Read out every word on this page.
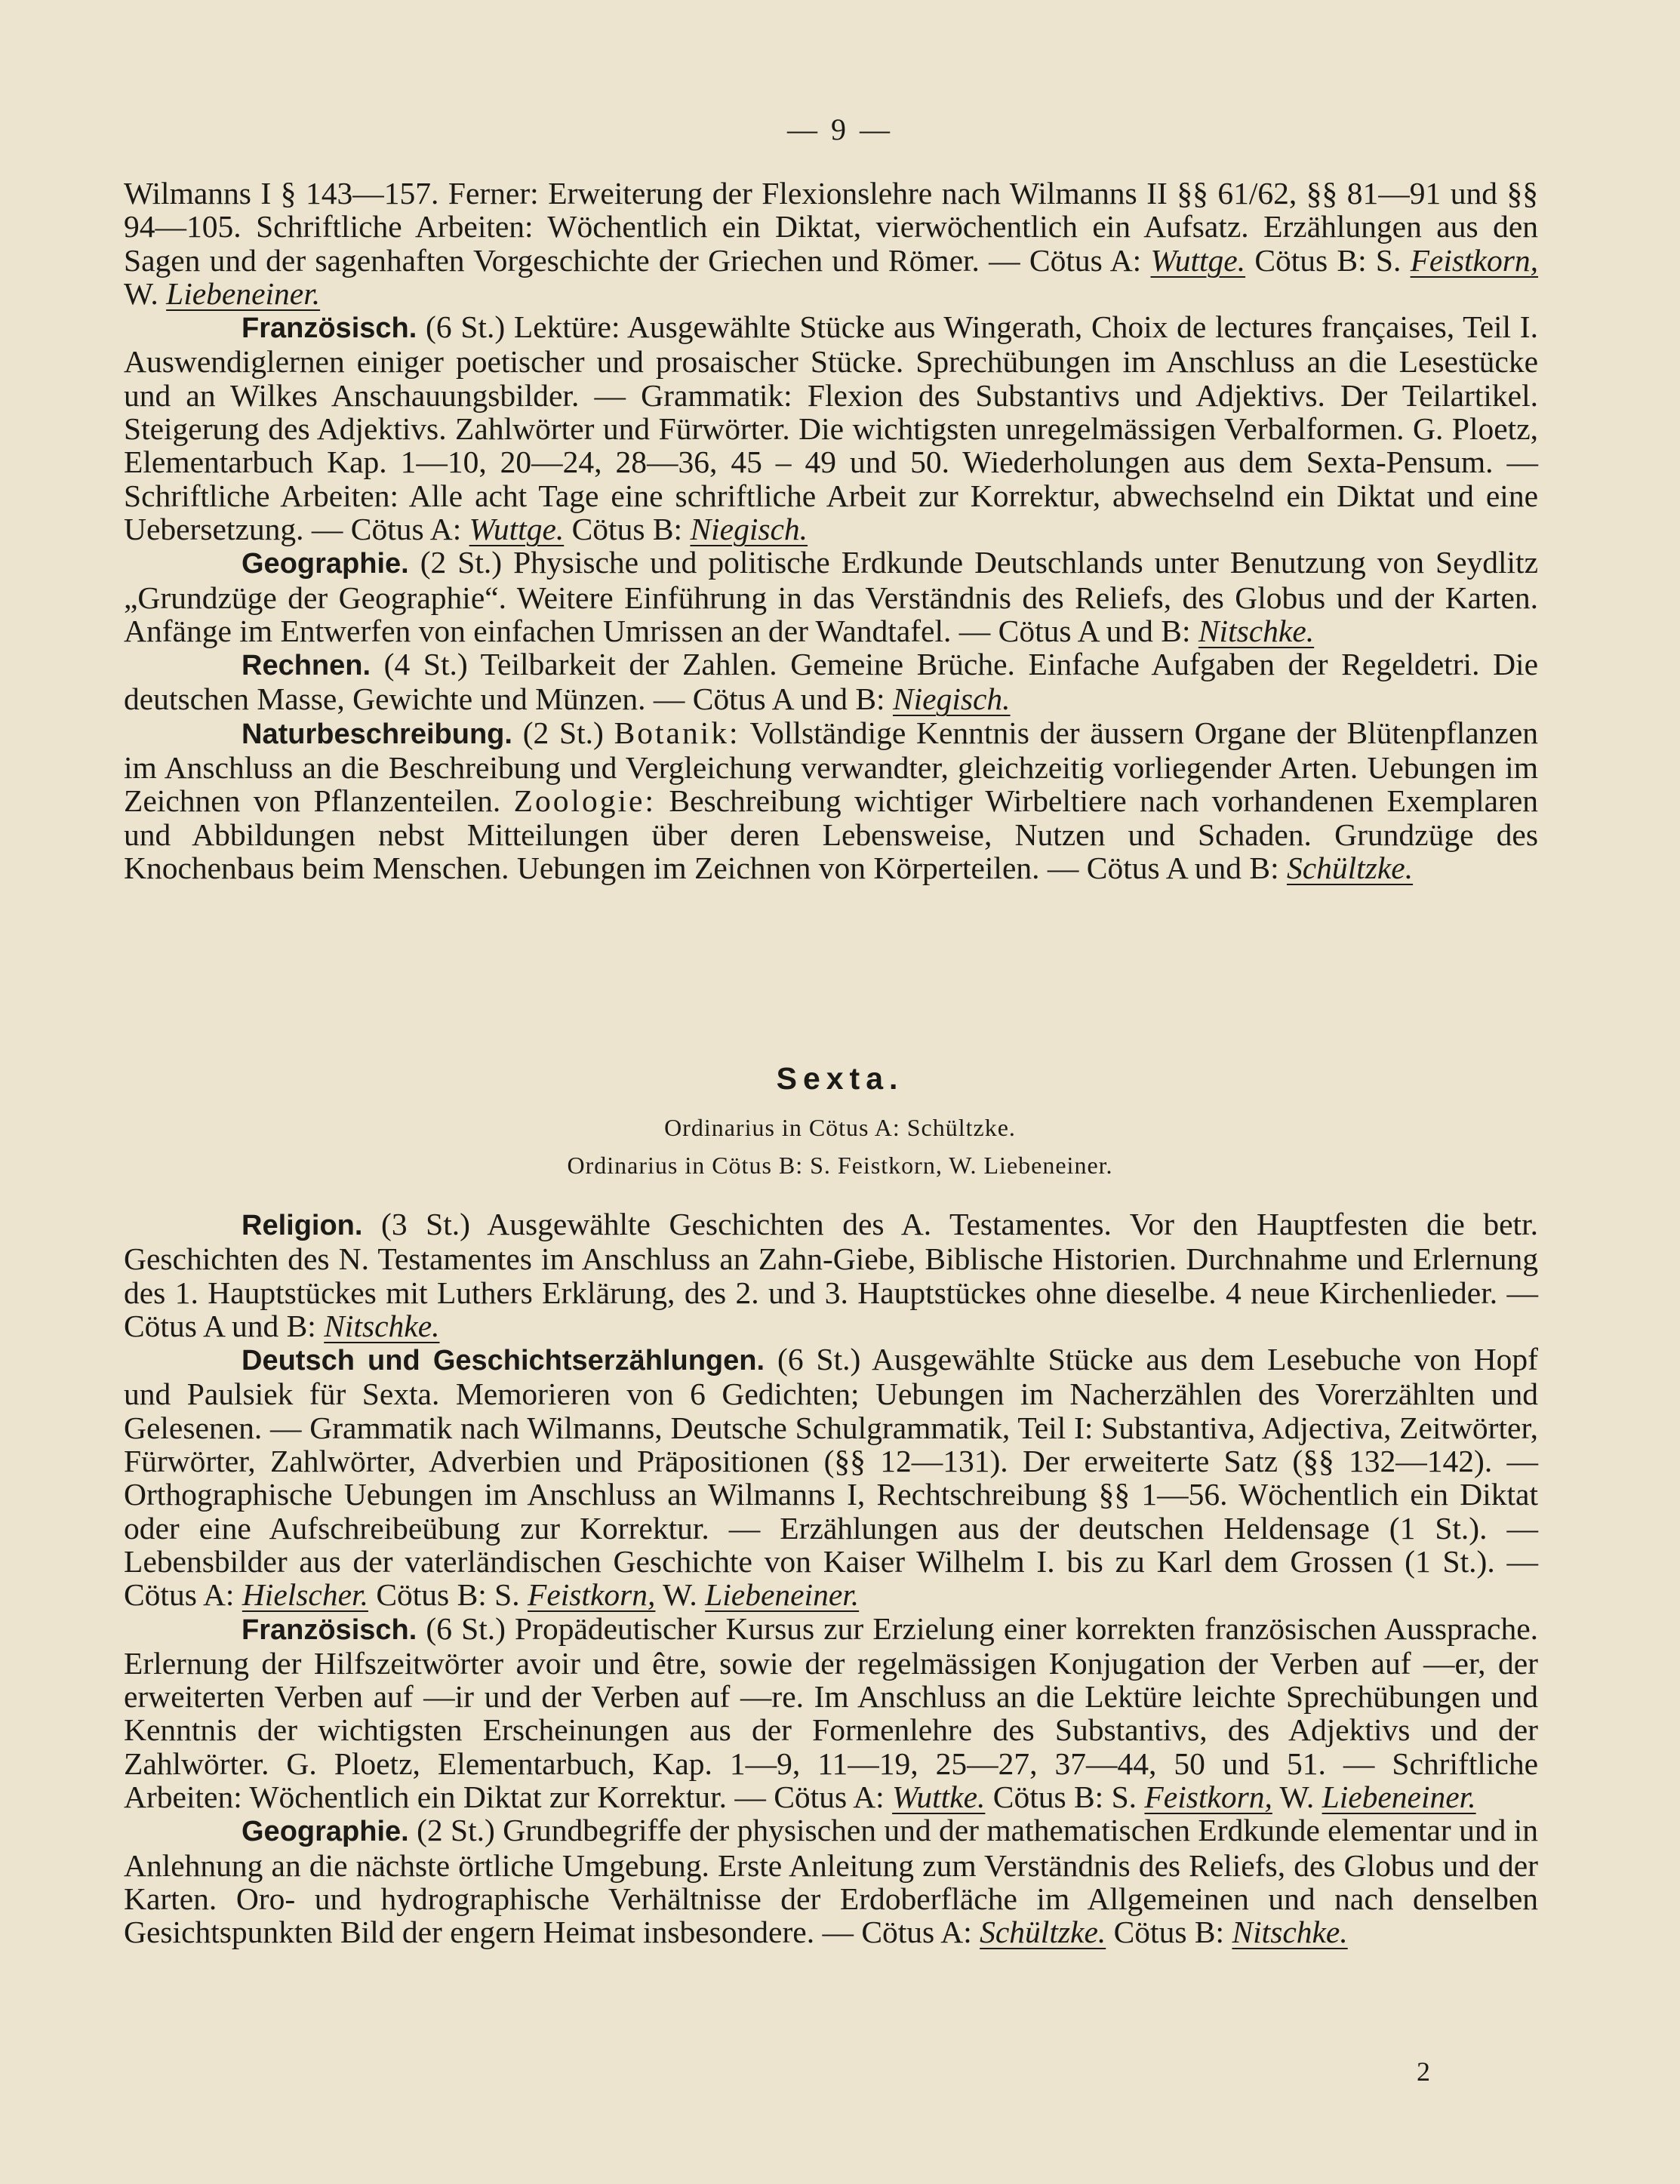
— 9 —

Wilmanns I § 143—157. Ferner: Erweiterung der Flexionslehre nach Wilmanns II §§ 61/62, §§ 81—91 und §§ 94—105. Schriftliche Arbeiten: Wöchentlich ein Diktat, vierwöchentlich ein Aufsatz. Erzählungen aus den Sagen und der sagenhaften Vorgeschichte der Griechen und Römer. — Cötus A: Wuttge. Cötus B: S. Feistkorn, W. Liebeneiner.

Französisch. (6 St.) Lektüre: Ausgewählte Stücke aus Wingerath, Choix de lectures françaises, Teil I. Auswendiglernen einiger poetischer und prosaischer Stücke. Sprechübungen im Anschluss an die Lesestücke und an Wilkes Anschauungsbilder. — Grammatik: Flexion des Substantivs und Adjektivs. Der Teilartikel. Steigerung des Adjektivs. Zahlwörter und Fürwörter. Die wichtigsten unregelmässigen Verbalformen. G. Ploetz, Elementarbuch Kap. 1—10, 20—24, 28—36, 45 – 49 und 50. Wiederholungen aus dem Sexta-Pensum. — Schriftliche Arbeiten: Alle acht Tage eine schriftliche Arbeit zur Korrektur, abwechselnd ein Diktat und eine Uebersetzung. — Cötus A: Wuttge. Cötus B: Niegisch.

Geographie. (2 St.) Physische und politische Erdkunde Deutschlands unter Benutzung von Seydlitz „Grundzüge der Geographie“. Weitere Einführung in das Verständnis des Reliefs, des Globus und der Karten. Anfänge im Entwerfen von einfachen Umrissen an der Wandtafel. — Cötus A und B: Nitschke.

Rechnen. (4 St.) Teilbarkeit der Zahlen. Gemeine Brüche. Einfache Aufgaben der Regeldetri. Die deutschen Masse, Gewichte und Münzen. — Cötus A und B: Niegisch.

Naturbeschreibung. (2 St.) Botanik: Vollständige Kenntnis der äussern Organe der Blütenpflanzen im Anschluss an die Beschreibung und Vergleichung verwandter, gleichzeitig vorliegender Arten. Uebungen im Zeichnen von Pflanzenteilen. Zoologie: Beschreibung wichtiger Wirbeltiere nach vorhandenen Exemplaren und Abbildungen nebst Mitteilungen über deren Lebensweise, Nutzen und Schaden. Grundzüge des Knochenbaus beim Menschen. Uebungen im Zeichnen von Körperteilen. — Cötus A und B: Schültzke.

Sexta.
Ordinarius in Cötus A: Schültzke.
Ordinarius in Cötus B: S. Feistkorn, W. Liebeneiner.

Religion. (3 St.) Ausgewählte Geschichten des A. Testamentes. Vor den Hauptfesten die betr. Geschichten des N. Testamentes im Anschluss an Zahn-Giebe, Biblische Historien. Durchnahme und Erlernung des 1. Hauptstückes mit Luthers Erklärung, des 2. und 3. Hauptstückes ohne dieselbe. 4 neue Kirchenlieder. — Cötus A und B: Nitschke.

Deutsch und Geschichtserzählungen. (6 St.) Ausgewählte Stücke aus dem Lesebuche von Hopf und Paulsiek für Sexta. Memorieren von 6 Gedichten; Uebungen im Nacherzählen des Vorerzählten und Gelesenen. — Grammatik nach Wilmanns, Deutsche Schulgrammatik, Teil I: Substantiva, Adjectiva, Zeitwörter, Fürwörter, Zahlwörter, Adverbien und Präpositionen (§§ 12—131). Der erweiterte Satz (§§ 132—142). — Orthographische Uebungen im Anschluss an Wilmanns I, Rechtschreibung §§ 1—56. Wöchentlich ein Diktat oder eine Aufschreibeübung zur Korrektur. — Erzählungen aus der deutschen Heldensage (1 St.). — Lebensbilder aus der vaterländischen Geschichte von Kaiser Wilhelm I. bis zu Karl dem Grossen (1 St.). — Cötus A: Hielscher. Cötus B: S. Feistkorn, W. Liebeneiner.

Französisch. (6 St.) Propädeutischer Kursus zur Erzielung einer korrekten französischen Aussprache. Erlernung der Hilfszeitwörter avoir und être, sowie der regelmässigen Konjugation der Verben auf —er, der erweiterten Verben auf —ir und der Verben auf —re. Im Anschluss an die Lektüre leichte Sprechübungen und Kenntnis der wichtigsten Erscheinungen aus der Formenlehre des Substantivs, des Adjektivs und der Zahlwörter. G. Ploetz, Elementarbuch, Kap. 1—9, 11—19, 25—27, 37—44, 50 und 51. — Schriftliche Arbeiten: Wöchentlich ein Diktat zur Korrektur. — Cötus A: Wuttke. Cötus B: S. Feistkorn, W. Liebeneiner.

Geographie. (2 St.) Grundbegriffe der physischen und der mathematischen Erdkunde elementar und in Anlehnung an die nächste örtliche Umgebung. Erste Anleitung zum Verständnis des Reliefs, des Globus und der Karten. Oro- und hydrographische Verhältnisse der Erdoberfläche im Allgemeinen und nach denselben Gesichtspunkten Bild der engern Heimat insbesondere. — Cötus A: Schültzke. Cötus B: Nitschke.

2
